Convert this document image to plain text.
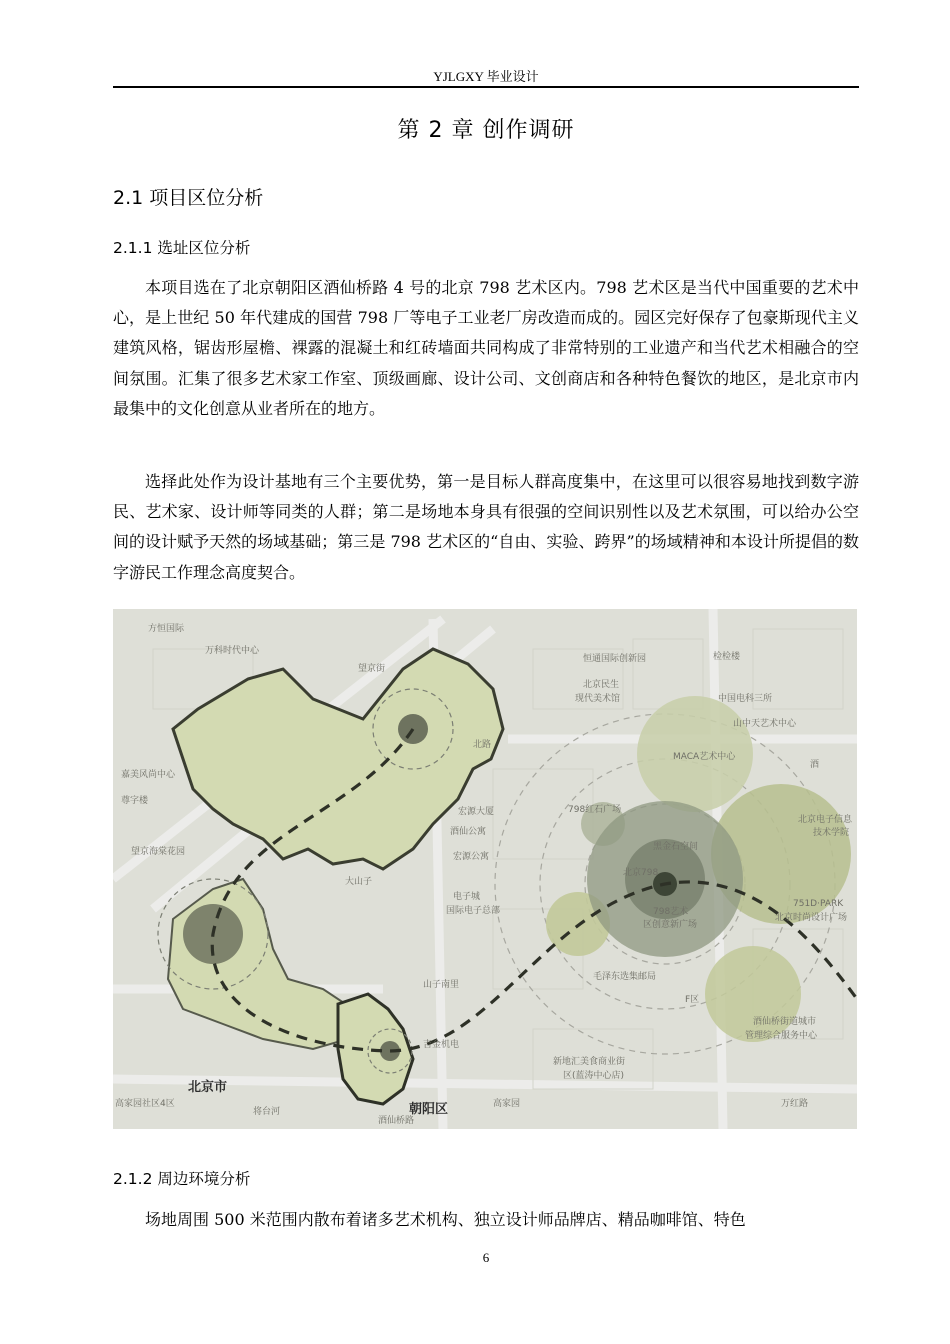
YJLGXY 毕业设计
第 2 章 创作调研
2.1 项目区位分析
2.1.1 选址区位分析

本项目选在了北京朝阳区酒仙桥路 4 号的北京 798 艺术区内。798 艺术区是当代中国重要的艺术中心，是上世纪 50 年代建成的国营 798 厂等电子工业老厂房改造而成的。园区完好保存了包豪斯现代主义建筑风格，锯齿形屋檐、裸露的混凝土和红砖墙面共同构成了非常特别的工业遗产和当代艺术相融合的空间氛围。汇集了很多艺术家工作室、顶级画廊、设计公司、文创商店和各种特色餐饮的地区，是北京市内最集中的文化创意从业者所在的地方。

选择此处作为设计基地有三个主要优势，第一是目标人群高度集中，在这里可以很容易地找到数字游民、艺术家、设计师等同类的人群；第二是场地本身具有很强的空间识别性以及艺术氛围，可以给办公空间的设计赋予天然的场域基础；第三是 798 艺术区的“自由、实验、跨界”的场域精神和本设计所提倡的数字游民工作理念高度契合。

方恒国际
万科时代中心
望京街
北路
恒通国际创新园	检检楼
北京民生
现代美术馆	中国电科三所
MACA艺术中心
山中天艺术中心
798红石广场
望京海棠花园
嘉美风尚中心
尊字楼
宏源公寓
酒仙公寓
宏源大厦
大山子
北京798
798艺术
区创意新广场
黑金石空间
电子城
国际电子总部
751D·PARK
北京时尚设计广场
北京电子信息
技术学院
毛泽东选集邮局
F区
山子南里
吉金机电
新地汇美食商业街
区(蓝涛中心店)
酒仙桥街道城市
管理综合服务中心
酒
高家园社区4区	高家园
将台河
万红路
酒仙桥路
北京市
朝阳区
2.1.2 周边环境分析

场地周围 500 米范围内散布着诸多艺术机构、独立设计师品牌店、精品咖啡馆、特色

6
